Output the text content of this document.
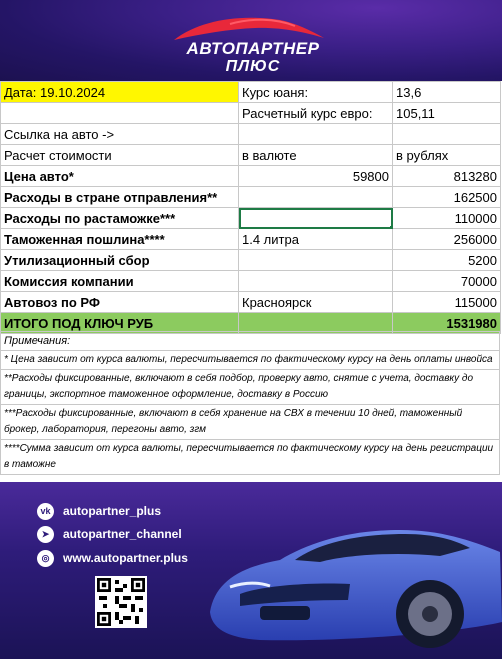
АВТОПАРТНЕР
ПЛЮС
Дата: 19.10.2024	Курс юаня:	13,6
	Расчетный курс евро:	105,11
Ссылка на авто ->		
Расчет стоимости	в валюте	в рублях
Цена авто*	59800	813280
Расходы в стране отправления**		162500
Расходы по растаможке***		110000
Таможенная пошлина****	1.4 литра	256000
Утилизационный сбор		5200
Комиссия компании		70000
Автовоз по РФ	Красноярск	115000
ИТОГО ПОД КЛЮЧ РУБ		1531980
Примечания:
* Цена зависит от курса валюты, пересчитывается по фактическому курсу на день оплаты инвойса
**Расходы фиксированные, включают в себя подбор, проверку авто, снятие с учета, доставку до границы, экспортное таможенное оформление, доставку в Россию
***Расходы фиксированные, включают в себя хранение на СВХ в течении 10 дней, таможенный брокер, лаборатория, перегоны авто, згм
****Сумма зависит от курса валюты, пересчитывается по фактическому курсу на день регистрации в таможне
vk autopartner_plus
➤	autopartner_channel
◎	www.autopartner.plus
